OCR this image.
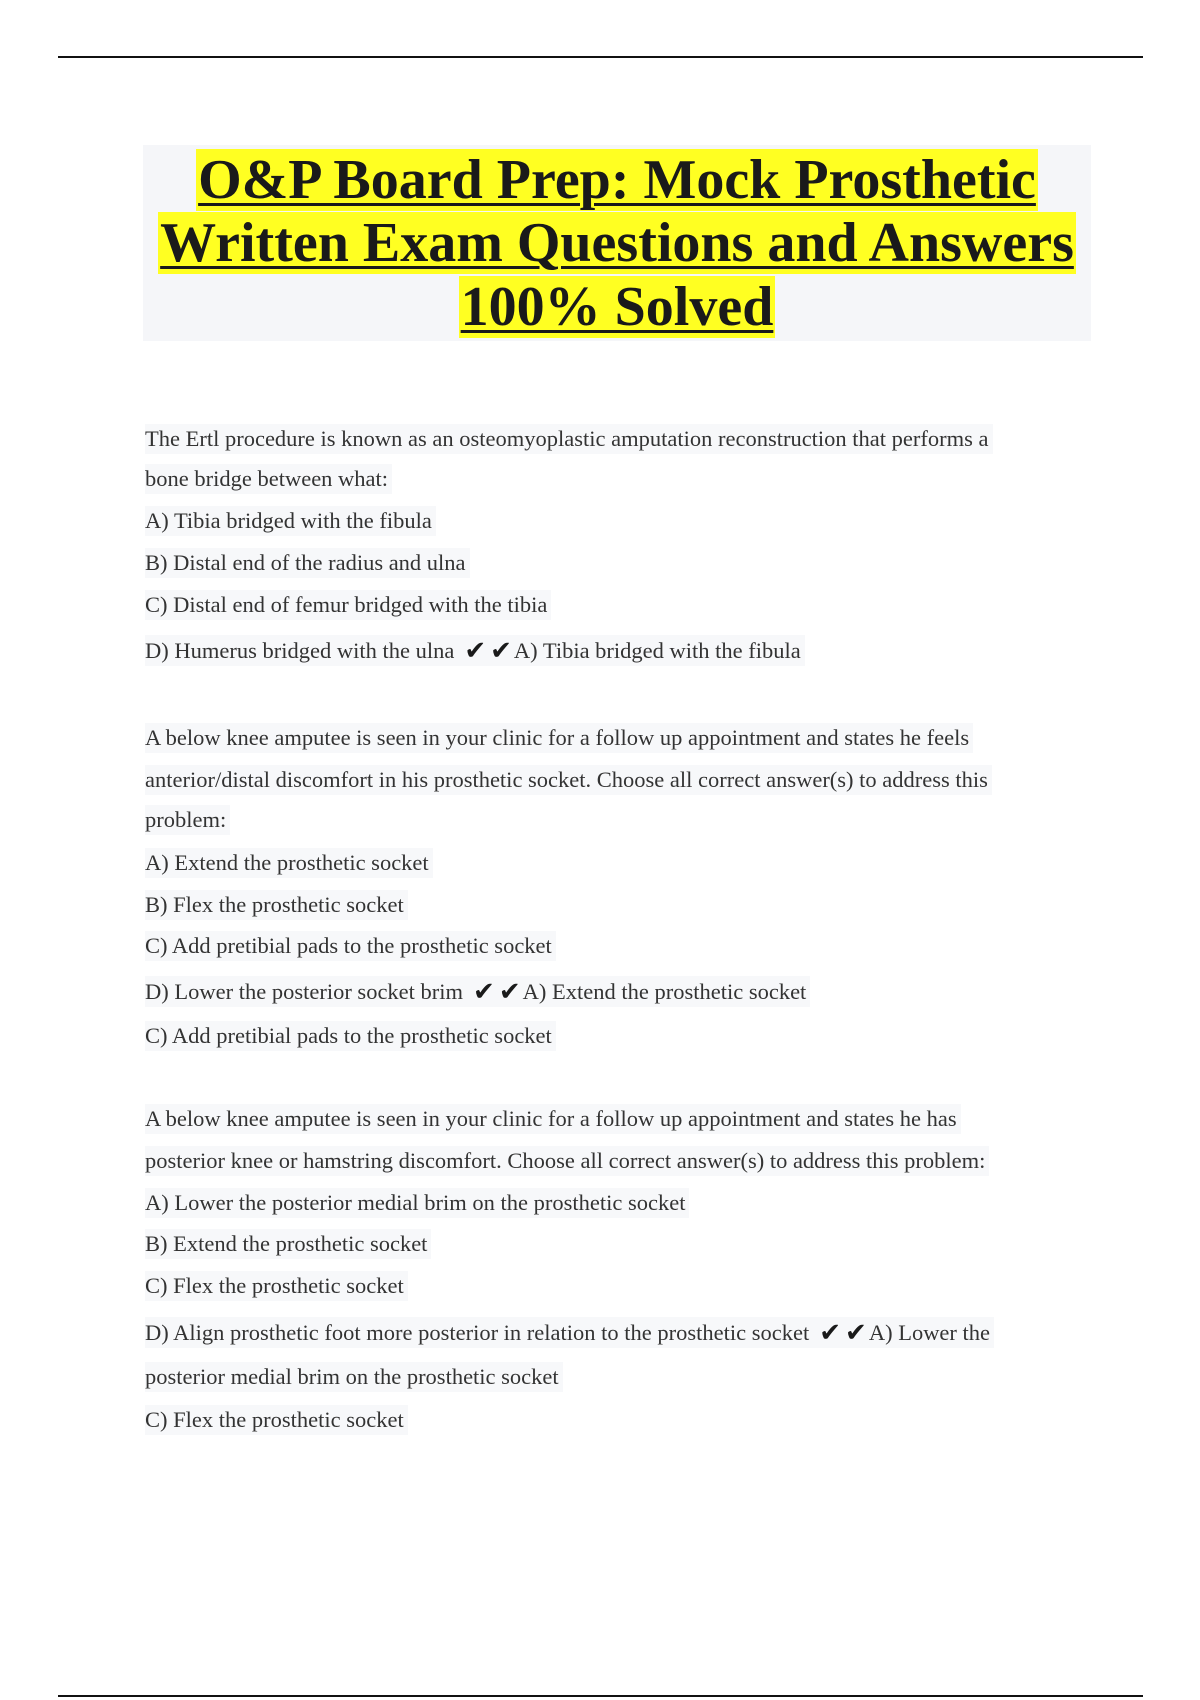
O&P Board Prep: Mock Prosthetic
Written Exam Questions and Answers
100% Solved
The Ertl procedure is known as an osteomyoplastic amputation reconstruction that performs a
bone bridge between what:
A) Tibia bridged with the fibula
B) Distal end of the radius and ulna
C) Distal end of femur bridged with the tibia
D) Humerus bridged with the ulna ✔ ✔A) Tibia bridged with the fibula
A below knee amputee is seen in your clinic for a follow up appointment and states he feels
anterior/distal discomfort in his prosthetic socket. Choose all correct answer(s) to address this
problem:
A) Extend the prosthetic socket
B) Flex the prosthetic socket
C) Add pretibial pads to the prosthetic socket
D) Lower the posterior socket brim ✔ ✔A) Extend the prosthetic socket
C) Add pretibial pads to the prosthetic socket
A below knee amputee is seen in your clinic for a follow up appointment and states he has
posterior knee or hamstring discomfort. Choose all correct answer(s) to address this problem:
A) Lower the posterior medial brim on the prosthetic socket
B) Extend the prosthetic socket
C) Flex the prosthetic socket
D) Align prosthetic foot more posterior in relation to the prosthetic socket ✔ ✔A) Lower the
posterior medial brim on the prosthetic socket
C) Flex the prosthetic socket
